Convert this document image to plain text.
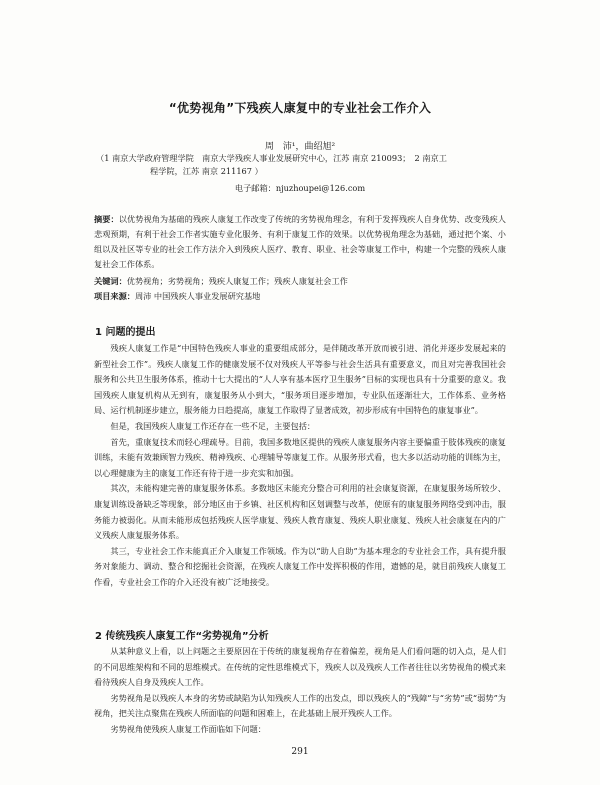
“优势视角”下残疾人康复中的专业社会工作介入
周　沛¹，曲绍旭²
（1 南京大学政府管理学院　南京大学残疾人事业发展研究中心，江苏 南京 210093；　2 南京工
程学院，江苏 南京 211167 ）
电子邮箱：njuzhoupei@126.com
摘要：以优势视角为基础的残疾人康复工作改变了传统的劣势视角理念，有利于发挥残疾人自身优势、改变残疾人悲观预期，有利于社会工作者实施专业化服务、有利于康复工作的效果。以优势视角理念为基础，通过把个案、小组以及社区等专业的社会工作方法介入到残疾人医疗、教育、职业、社会等康复工作中，构建一个完整的残疾人康复社会工作体系。
关键词：优势视角；劣势视角；残疾人康复工作；残疾人康复社会工作
项目来源：周沛 中国残疾人事业发展研究基地
1 问题的提出

残疾人康复工作是“中国特色残疾人事业的重要组成部分，是伴随改革开放而被引进、消化并逐步发展起来的新型社会工作”。残疾人康复工作的健康发展不仅对残疾人平等参与社会生活具有重要意义，而且对完善我国社会服务和公共卫生服务体系，推动十七大提出的“人人享有基本医疗卫生服务”目标的实现也具有十分重要的意义。我国残疾人康复机构从无到有，康复服务从小到大，“服务项目逐步增加，专业队伍逐渐壮大，工作体系、业务格局、运行机制逐步建立，服务能力日趋提高，康复工作取得了显著成效，初步形成有中国特色的康复事业”。

但是，我国残疾人康复工作还存在一些不足，主要包括：

首先，重康复技术而轻心理疏导。目前，我国多数地区提供的残疾人康复服务内容主要偏重于肢体残疾的康复训练，未能有效兼顾智力残疾、精神残疾、心理辅导等康复工作。从服务形式看，也大多以活动功能的训练为主，以心理健康为主的康复工作还有待于进一步充实和加强。

其次，未能构建完善的康复服务体系。多数地区未能充分整合可利用的社会康复资源，在康复服务场所较少、康复训练设备缺乏等现象，部分地区由于乡镇、社区机构和区划调整与改革，使原有的康复服务网络受到冲击，服务能力被弱化。从而未能形成包括残疾人医学康复、残疾人教育康复、残疾人职业康复、残疾人社会康复在内的广义残疾人康复服务体系。

其三，专业社会工作未能真正介入康复工作领域。作为以“助人自助”为基本理念的专业社会工作，具有提升服务对象能力、调动、整合和挖掘社会资源，在残疾人康复工作中发挥积极的作用，遗憾的是，就目前残疾人康复工作看，专业社会工作的介入还没有被广泛地接受。

2 传统残疾人康复工作“劣势视角”分析

从某种意义上看，以上问题之主要原因在于传统的康复视角存在着偏差，视角是人们看问题的切入点，是人们的不同思维架构和不同的思维模式。在传统的定性思维模式下，残疾人以及残疾人工作者往往以劣势视角的模式来看待残疾人自身及残疾人工作。

劣势视角是以残疾人本身的劣势或缺陷为认知残疾人工作的出发点，即以残疾人的“残障”与“劣势”或“弱势”为视角，把关注点聚焦在残疾人所面临的问题和困难上，在此基础上展开残疾人工作。

劣势视角使残疾人康复工作面临如下问题：

291
